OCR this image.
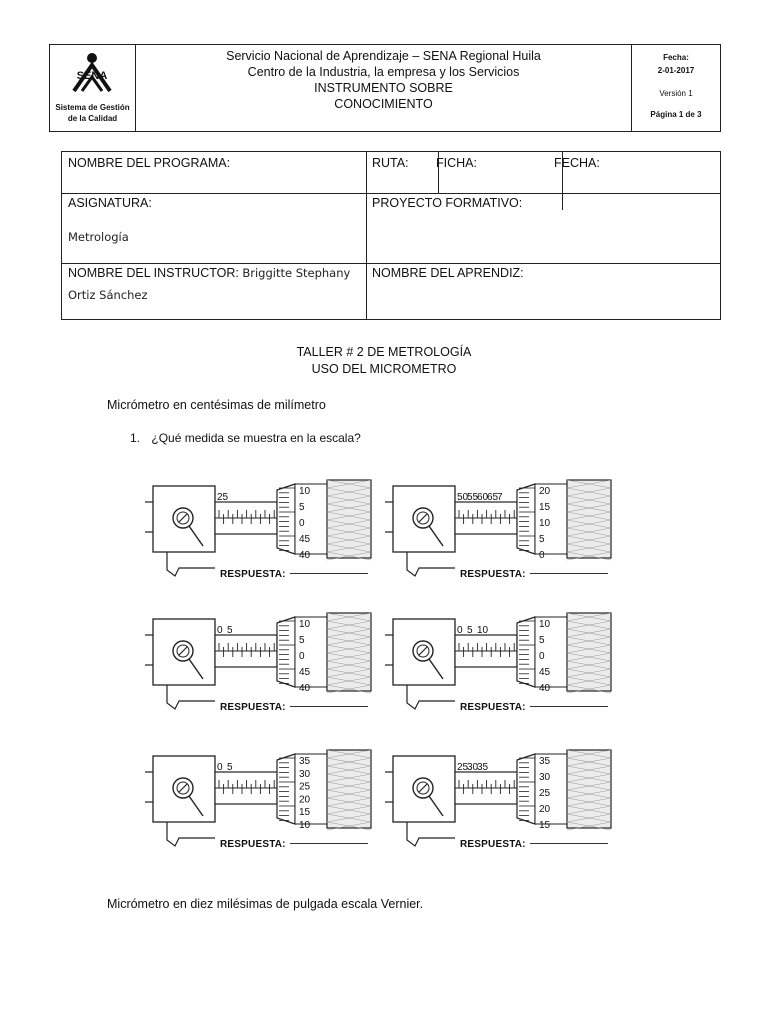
SENA
Sistema de Gestión de la Calidad
Servicio Nacional de Aprendizaje – SENA Regional Huila
Centro de la Industria, la empresa y los Servicios
INSTRUMENTO SOBRE
CONOCIMIENTO
Fecha:
2-01-2017
Versión 1
Página 1 de 3
NOMBRE DEL PROGRAMA:	RUTA: FICHA:	FECHA:
ASIGNATURA:
Metrología
PROYECTO FORMATIVO:
NOMBRE DEL INSTRUCTOR: Briggitte Stephany
Ortiz Sánchez
NOMBRE DEL APRENDIZ:
TALLER # 2 DE METROLOGÍA
USO DEL MICROMETRO
Micrómetro en centésimas de milímetro
1. ¿Qué medida se muestra en la escala?
25
10
5
0
45
40
RESPUESTA:
50
55
60
65
7
20
15
10
5
0
RESPUESTA:
0 5
10
5
0
45
40
RESPUESTA:
0 5 10
10
5
0
45
40
RESPUESTA:
0 5
35
30
25
20
15
10
RESPUESTA:
25
30
35
35
30
25
20
15
RESPUESTA:
Micrómetro en diez milésimas de pulgada escala Vernier.
